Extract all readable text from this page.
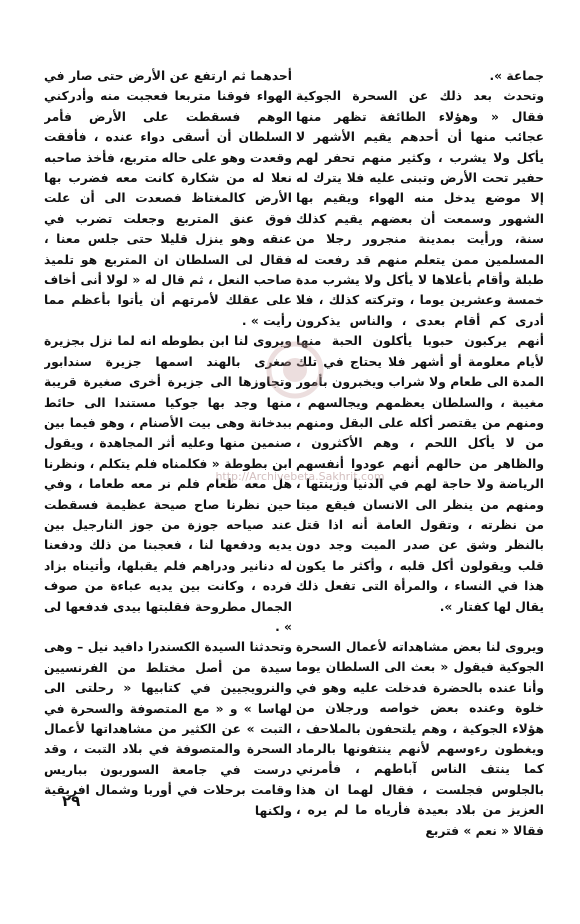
جماعة ».

وتحدث بعد ذلك عن السحرة الجوكية فقال « وهؤلاء الطائفة تظهر منها عجائب منها أن أحدهم يقيم الأشهر لا يأكل ولا يشرب ، وكثير منهم تحفر لهم حفير تحت الأرض وتبنى عليه فلا يترك له إلا موضع يدخل منه الهواء ويقيم بها الشهور وسمعت أن بعضهم يقيم كذلك سنة، ورأيت بمدينة منجرور رجلا من المسلمين ممن يتعلم منهم قد رفعت له طبلة وأقام بأعلاها لا يأكل ولا يشرب مدة خمسة وعشرين يوما ، وتركته كذلك ، فلا أدرى كم أقام بعدى ، والناس يذكرون أنهم يركبون حبوبا يأكلون الحبة منها لأيام معلومة أو أشهر فلا يحتاج في تلك المدة الى طعام ولا شراب ويخبرون بأمور مغيبة ، والسلطان يعظمهم ويجالسهم ، ومنهم من يقتصر أكله على البقل ومنهم من لا يأكل اللحم ، وهم الأكثرون ، والظاهر من حالهم أنهم عودوا أنفسهم الرياضة ولا حاجة لهم في الدنيا وزينتها ، ومنهم من ينظر الى الانسان فيقع ميتا من نظرته ، وتقول العامة أنه اذا قتل بالنظر وشق عن صدر الميت وجد دون قلب ويقولون أكل قلبه ، وأكثر ما يكون هذا في النساء ، والمرأة التى تفعل ذلك يقال لها كفتار ».

ويروى لنا بعض مشاهداته لأعمال السحرة الجوكية فيقول « بعث الى السلطان يوما وأنا عنده بالحضرة فدخلت عليه وهو في خلوة وعنده بعض خواصه ورجلان من هؤلاء الجوكية ، وهم يلتحفون بالملاحف ، ويغطون رءوسهم لأنهم ينتفونها بالرماد كما ينتف الناس آباطهم ، فأمرني بالجلوس فجلست ، فقال لهما ان هذا العزيز من بلاد بعيدة فأرياه ما لم يره ، فقالا « نعم » فتربع

أحدهما ثم ارتفع عن الأرض حتى صار في الهواء فوقنا متربعا فعجبت منه وأدركني الوهم فسقطت على الأرض فأمر السلطان أن أسقى دواء عنده ، فأفقت وقعدت وهو على حاله متربع، فأخذ صاحبه نعلا له من شكارة كانت معه فضرب بها الأرض كالمغتاظ فصعدت الى أن علت فوق عنق المتربع وجعلت تضرب في عنقه وهو ينزل قليلا حتى جلس معنا ، فقال لى السلطان ان المتربع هو تلميذ صاحب النعل ، ثم قال له « لولا أنى أخاف على عقلك لأمرتهم أن يأتوا بأعظم مما رأيت » .

ويروى لنا ابن بطوطه انه لما نزل بجزيرة صغرى بالهند اسمها جزيرة سندابور وتجاوزها الى جزيرة أخرى صغيرة قريبة منها وجد بها جوكيا مستندا الى حائط ببدخانة وهى بيت الأصنام ، وهو فيما بين صنمين منها وعليه أثر المجاهدة ، ويقول ابن بطوطة « فكلمناه فلم يتكلم ، ونظرنا هل معه طعام فلم نر معه طعاما ، وفي حين نظرنا صاح صيحة عظيمة فسقطت عند صياحه جوزة من جوز النارجيل بين يديه ودفعها لنا ، فعجبنا من ذلك ودفعنا له دنانير ودراهم فلم يقبلها، وأتيناه بزاد فرده ، وكانت بين يديه عباءة من صوف الجمال مطروحة فقلبتها بيدى فدفعها لى » .

وتحدثنا السيدة الكسندرا دافيد نيل – وهى سيدة من أصل مختلط من الفرنسيين والنرويجيين في كتابيها « رحلتى الى لهاسا » و « مع المتصوفة والسحرة في التبت » عن الكثير من مشاهداتها لأعمال السحرة والمتصوفة في بلاد التبت ، وقد درست في جامعة السوربون بباريس وقامت برحلات في أوربا وشمال افريقية ولكنها

٢٩
http://Archivebeta.Sakhrit.com
